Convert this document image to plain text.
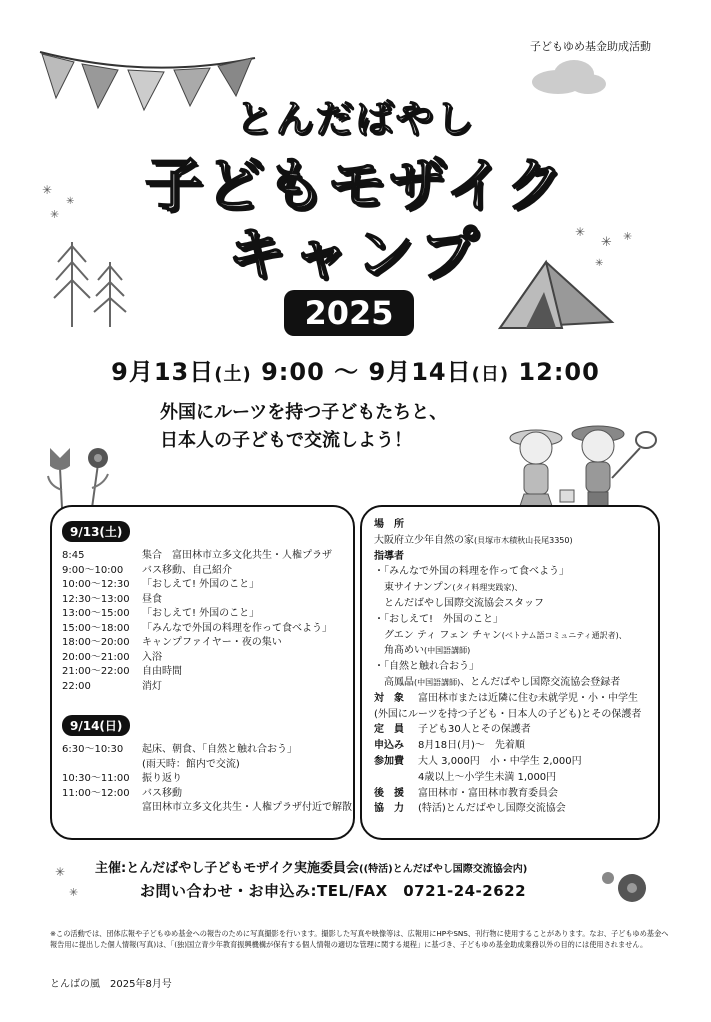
子どもゆめ基金助成活動
✳
✳
✳
✳
✳ ✳
✳
とんだばやし
子どもモザイク
キャンプ
2025
9月13日(土) 9:00 ～ 9月14日(日) 12:00
外国にルーツを持つ子どもたちと、
日本人の子どもで交流しよう！
9/13(土)
8:45	集合　富田林市立多文化共生・人権プラザ
9:00～10:00	バス移動、自己紹介
10:00～12:30	「おしえて! 外国のこと」
12:30～13:00	昼食
13:00～15:00	「おしえて! 外国のこと」
15:00～18:00	「みんなで外国の料理を作って食べよう」
18:00～20:00	キャンプファイヤー・夜の集い
20:00～21:00	入浴
21:00～22:00	自由時間
22:00	消灯
9/14(日)
6:30～10:30	起床、朝食、「自然と触れ合おう」
(雨天時：館内で交流)
10:30～11:00	振り返り
11:00～12:00	バス移動
富田林市立多文化共生・人権プラザ付近で解散
場　所
大阪府立少年自然の家 (貝塚市木積秋山長尾3350)
指導者
・「みんなで外国の料理を作って食べよう」
東サイナンプン(タイ料理実践家)、
とんだばやし国際交流協会スタッフ
・「おしえて!　外国のこと」
グエン ティ フェン チャン(ベトナム語コミュニティ通訳者)、
角髙めい(中国語講師)
・「自然と触れ合おう」
高鳳晶(中国語講師)、とんだばやし国際交流協会登録者
対　象	富田林市または近隣に住む未就学児・小・中学生
(外国にルーツを持つ子ども・日本人の子ども)とその保護者
定　員	子ども30人とその保護者
申込み	8月18日(月)～　先着順
参加費	大人 3,000円　小・中学生 2,000円
4歳以上～小学生未満 1,000円
後　援	富田林市・富田林市教育委員会
協　力	(特活)とんだばやし国際交流協会
✳
✳
主催:とんだばやし子どもモザイク実施委員会((特活)とんだばやし国際交流協会内)
お問い合わせ・お申込み:TEL/FAX　0721-24-2622
※この活動では、団体広報や子どもゆめ基金への報告のために写真撮影を行います。撮影した写真や映像等は、広報用にHPやSNS、刊行物に使用することがあります。なお、子どもゆめ基金へ報告用に提出した個人情報(写真)は、「(独)国立青少年教育振興機構が保有する個人情報の適切な管理に関する規程」に基づき、子どもゆめ基金助成業務以外の目的には使用されません。
とんばの風　2025年8月号
